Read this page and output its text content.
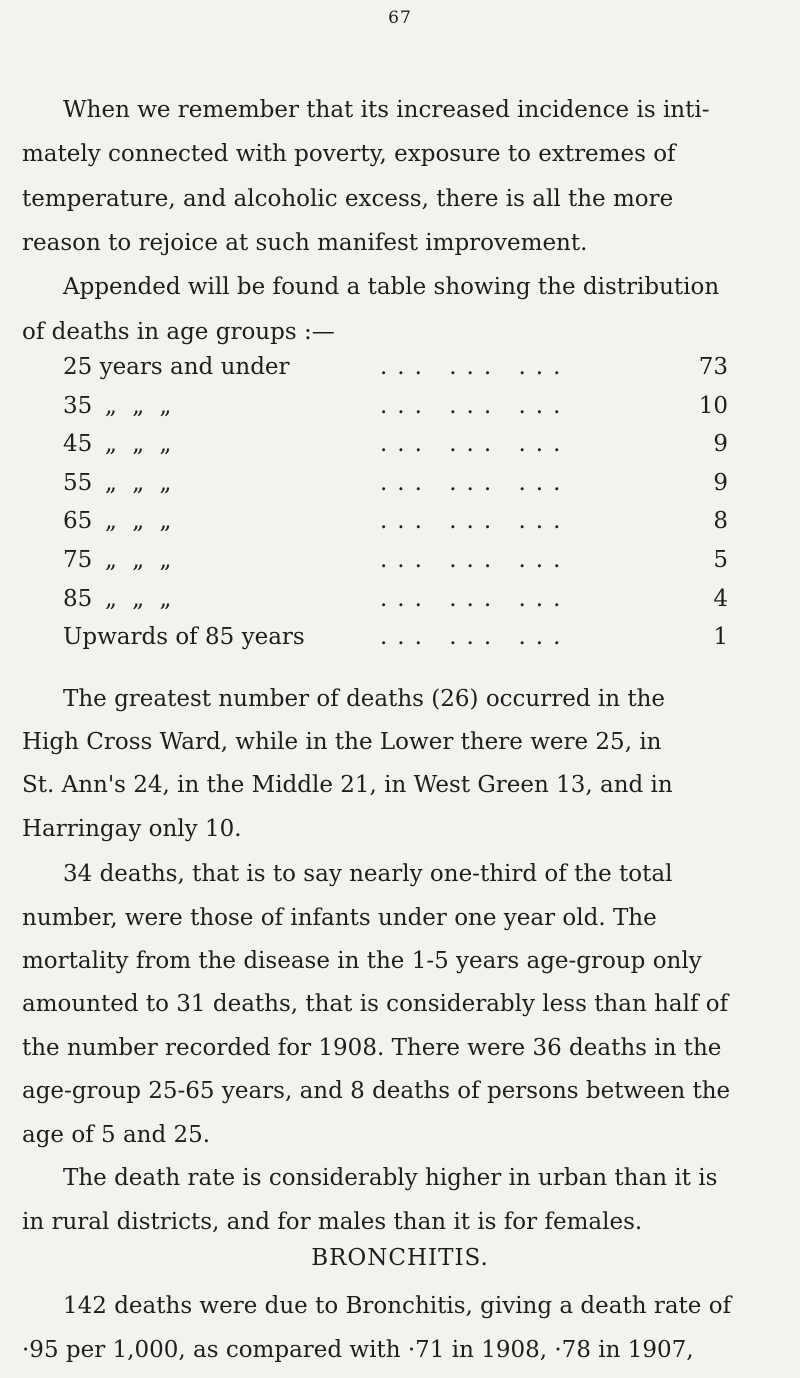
67
When we remember that its increased incidence is inti-
mately connected with poverty, exposure to extremes of
temperature, and alcoholic excess, there is all the more
reason to rejoice at such manifest improvement.
Appended will be found a table showing the distribution
of deaths in age groups :—
25 years and under	... ... ...	73
35 „ „ „	... ... ...	10
45 „ „ „	... ... ...	9
55 „ „ „	... ... ...	9
65 „ „ „	... ... ...	8
75 „ „ „	... ... ...	5
85 „ „ „	... ... ...	4
Upwards of 85 years	... ... ...	1
The greatest number of deaths (26) occurred in the
High Cross Ward, while in the Lower there were 25, in
St. Ann's 24, in the Middle 21, in West Green 13, and in
Harringay only 10.
34 deaths, that is to say nearly one-third of the total
number, were those of infants under one year old. The
mortality from the disease in the 1-5 years age-group only
amounted to 31 deaths, that is considerably less than half of
the number recorded for 1908. There were 36 deaths in the
age-group 25-65 years, and 8 deaths of persons between the
age of 5 and 25.
The death rate is considerably higher in urban than it is
in rural districts, and for males than it is for females.
BRONCHITIS.
142 deaths were due to Bronchitis, giving a death rate of
·95 per 1,000, as compared with ·71 in 1908, ·78 in 1907,
